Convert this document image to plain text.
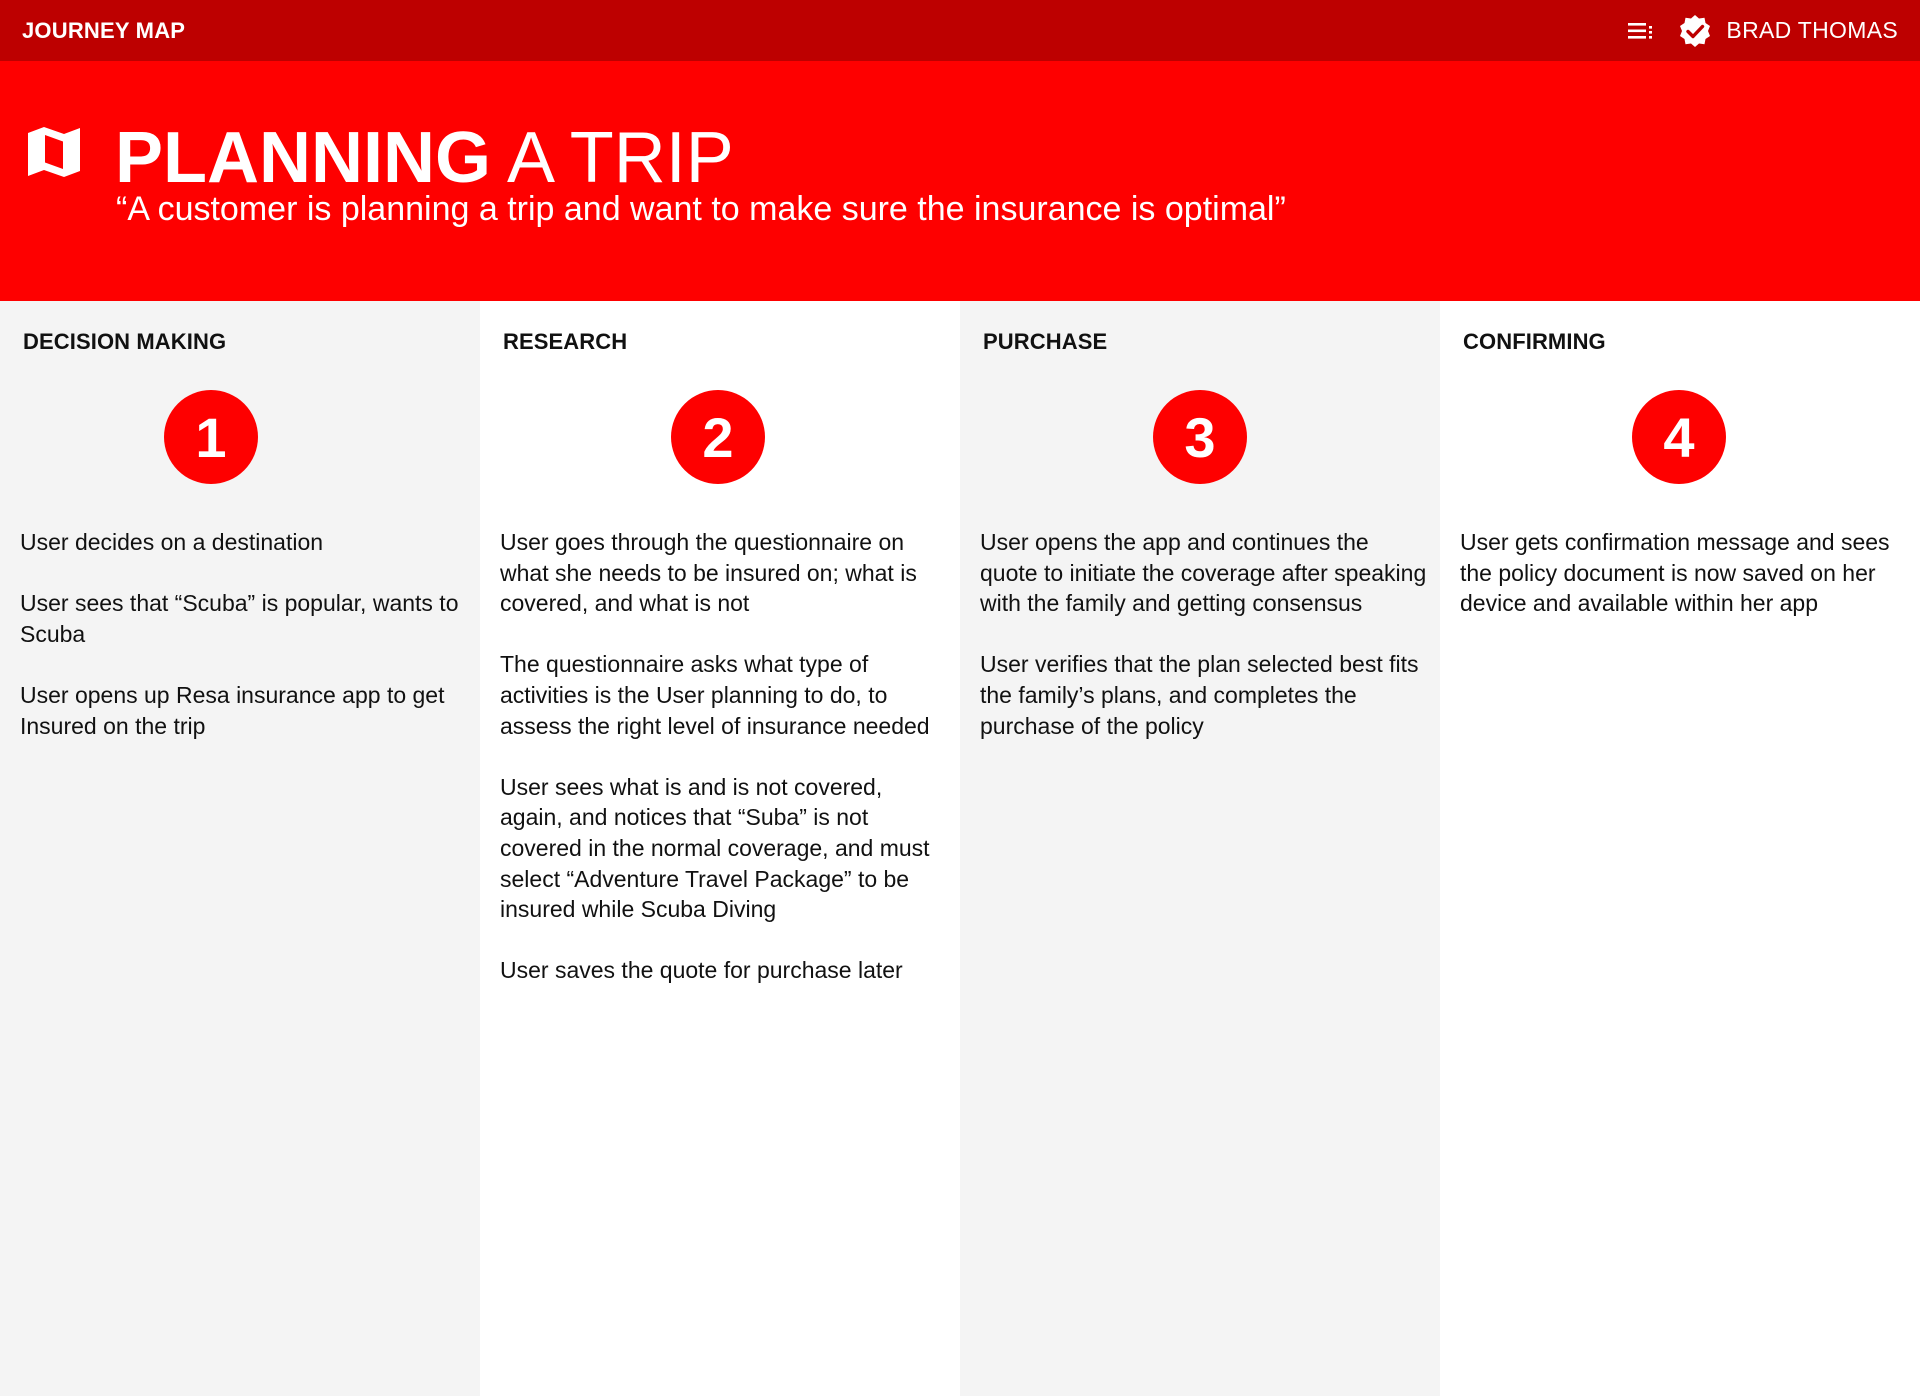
JOURNEY MAP	BRAD THOMAS
PLANNING A TRIP
“A customer is planning a trip and want to make sure the insurance is optimal”
DECISION MAKING
1

User decides on a destination

User sees that “Scuba” is popular, wants to Scuba

User opens up Resa insurance app to get Insured on the trip

RESEARCH
2

User goes through the questionnaire on what she needs to be insured on; what is covered, and what is not

The questionnaire asks what type of activities is the User planning to do, to assess the right level of insurance needed

User sees what is and is not covered, again, and notices that “Suba” is not covered in the normal coverage, and must select “Adventure Travel Package” to be insured while Scuba Diving

User saves the quote for purchase later

PURCHASE
3

User opens the app and continues the quote to initiate the coverage after speaking with the family and getting consensus

User verifies that the plan selected best fits the family’s plans, and completes the purchase of the policy

CONFIRMING
4

User gets confirmation message and sees the policy document is now saved on her device and available within her app
